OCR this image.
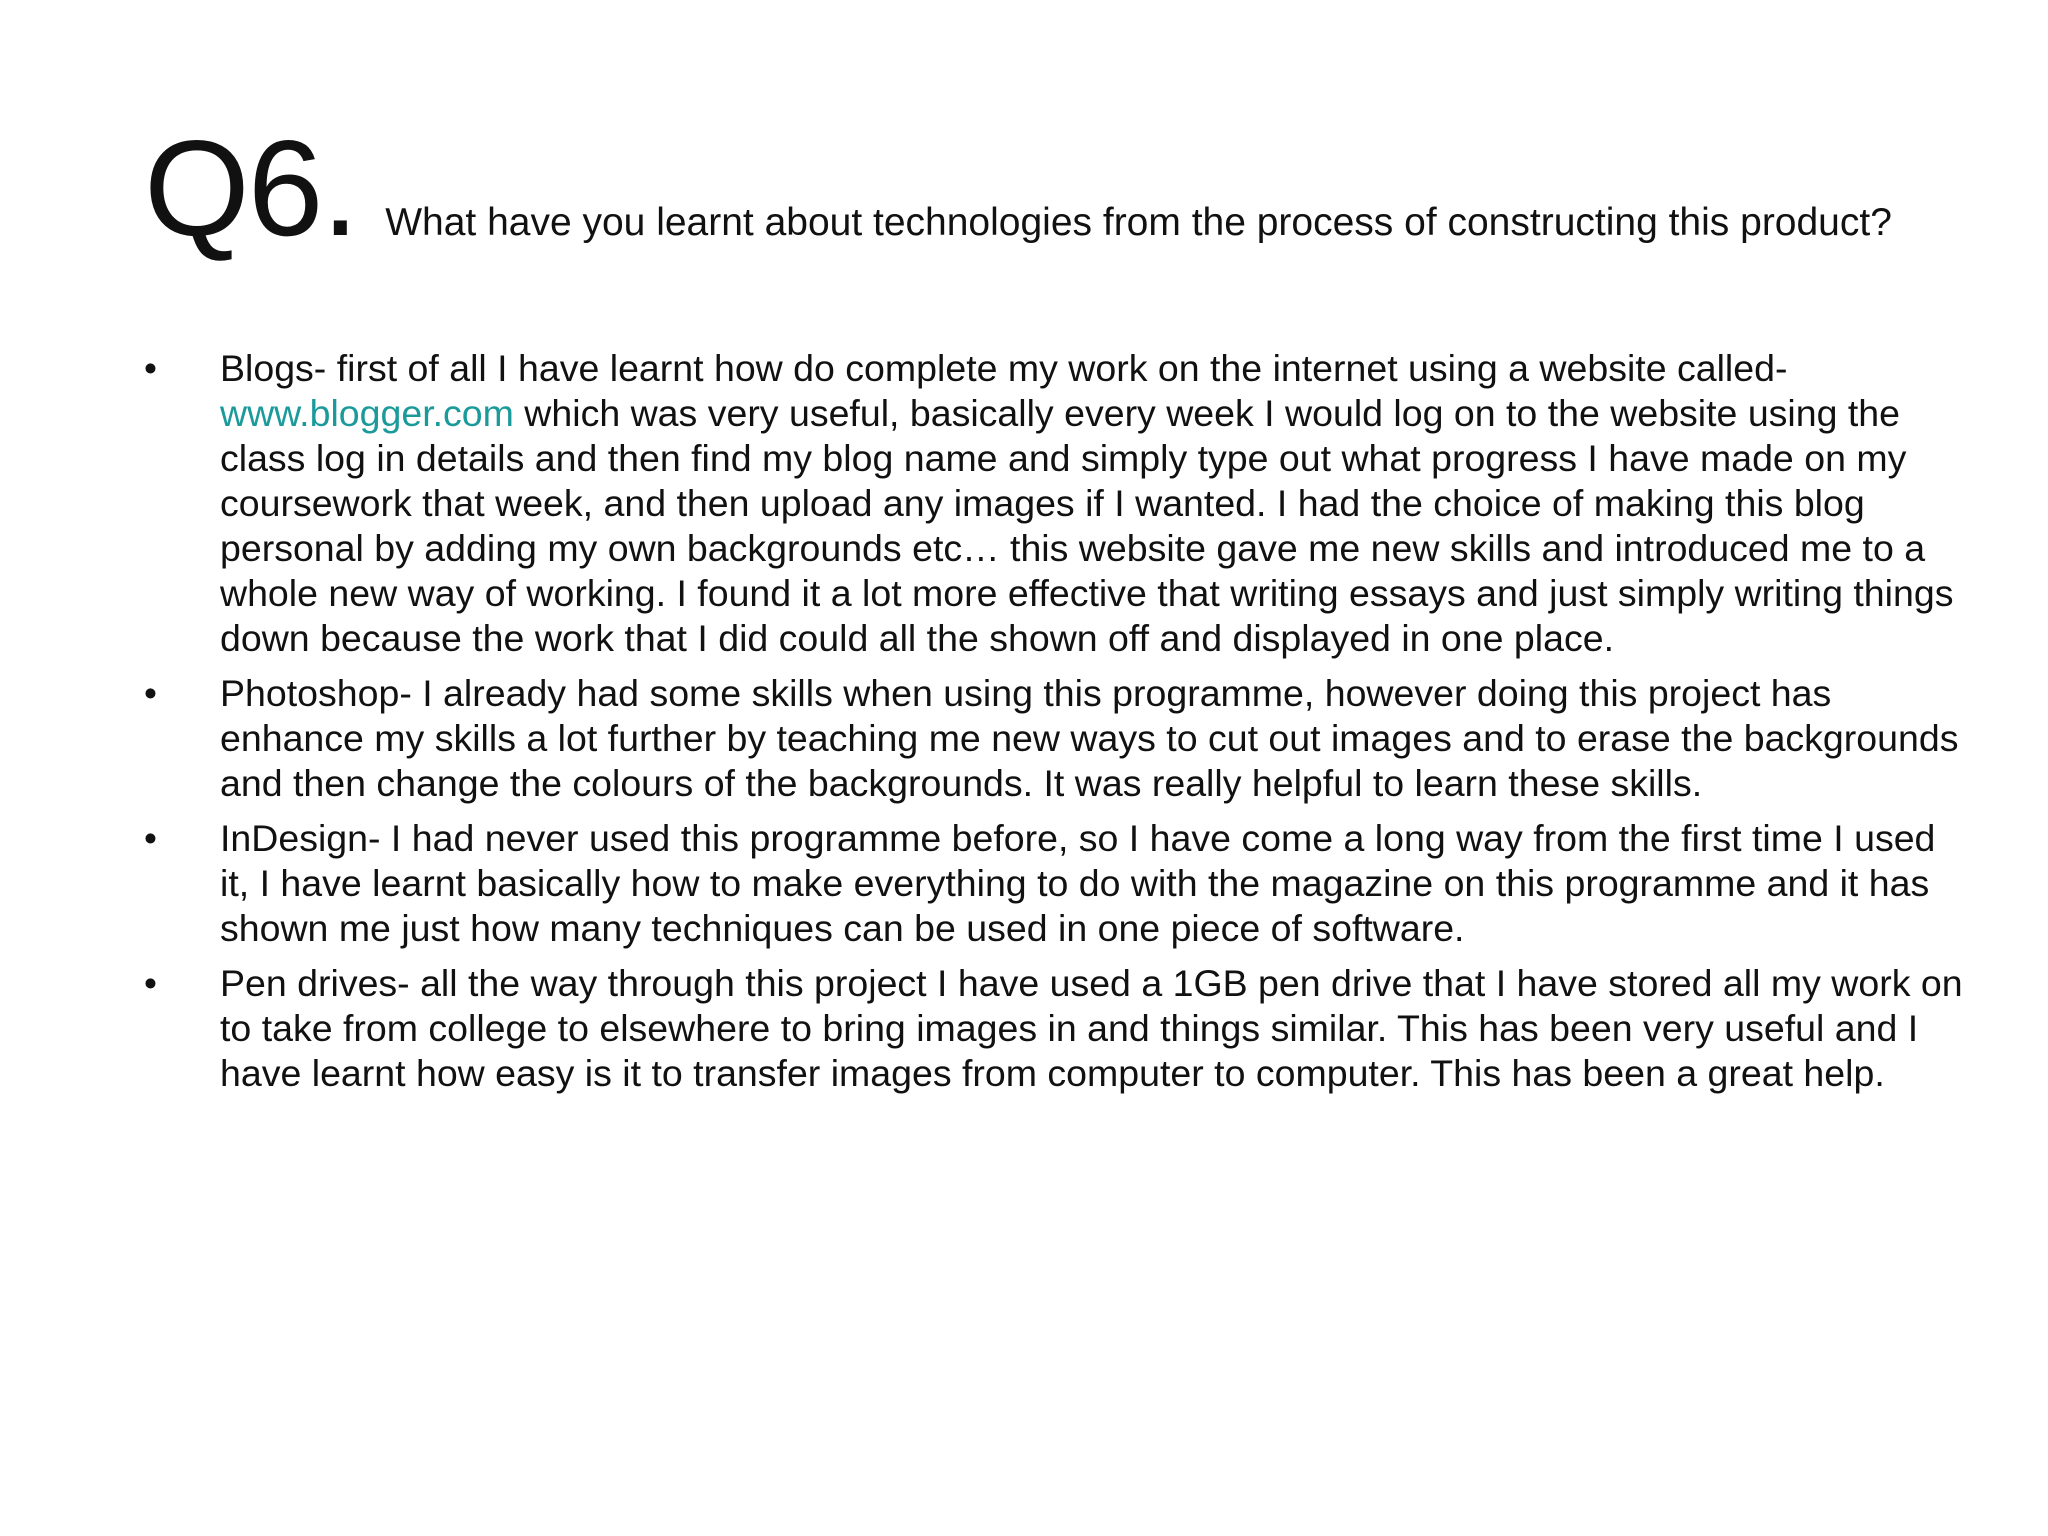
Q6. What have you learnt about technologies from the process of constructing this product?
•	Blogs- first of all I have learnt how do complete my work on the internet using a website called- www.blogger.com which was very useful, basically every week I would log on to the website using the class log in details and then find my blog name and simply type out what progress I have made on my coursework that week, and then upload any images if I wanted. I had the choice of making this blog personal by adding my own backgrounds etc… this website gave me new skills and introduced me to a whole new way of working. I found it a lot more effective that writing essays and just simply writing things down because the work that I did could all the shown off and displayed in one place.
•	Photoshop- I already had some skills when using this programme, however doing this project has enhance my skills a lot further by teaching me new ways to cut out images and to erase the backgrounds and then change the colours of the backgrounds. It was really helpful to learn these skills.
•	InDesign- I had never used this programme before, so I have come a long way from the first time I used it, I have learnt basically how to make everything to do with the magazine on this programme and it has shown me just how many techniques can be used in one piece of software.
•	Pen drives- all the way through this project I have used a 1GB pen drive that I have stored all my work on to take from college to elsewhere to bring images in and things similar. This has been very useful and I have learnt how easy is it to transfer images from computer to computer. This has been a great help.
